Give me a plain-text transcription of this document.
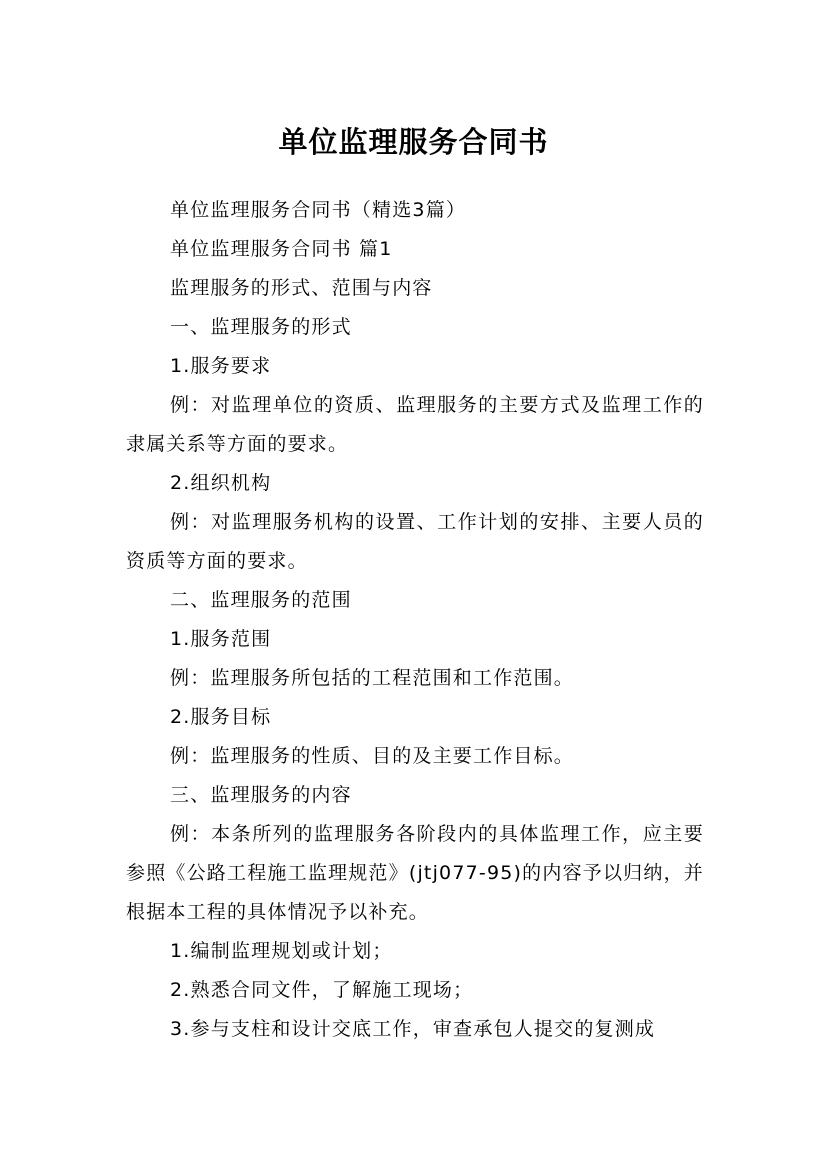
单位监理服务合同书

单位监理服务合同书（精选3篇）

单位监理服务合同书 篇1

监理服务的形式、范围与内容

一、监理服务的形式

1.服务要求

例：对监理单位的资质、监理服务的主要方式及监理工作的隶属关系等方面的要求。

2.组织机构

例：对监理服务机构的设置、工作计划的安排、主要人员的资质等方面的要求。

二、监理服务的范围

1.服务范围

例：监理服务所包括的工程范围和工作范围。

2.服务目标

例：监理服务的性质、目的及主要工作目标。

三、监理服务的内容

例：本条所列的监理服务各阶段内的具体监理工作，应主要参照《公路工程施工监理规范》(jtj077-95)的内容予以归纳，并根据本工程的具体情况予以补充。

1.编制监理规划或计划；

2.熟悉合同文件，了解施工现场；

3.参与支柱和设计交底工作，审查承包人提交的复测成
